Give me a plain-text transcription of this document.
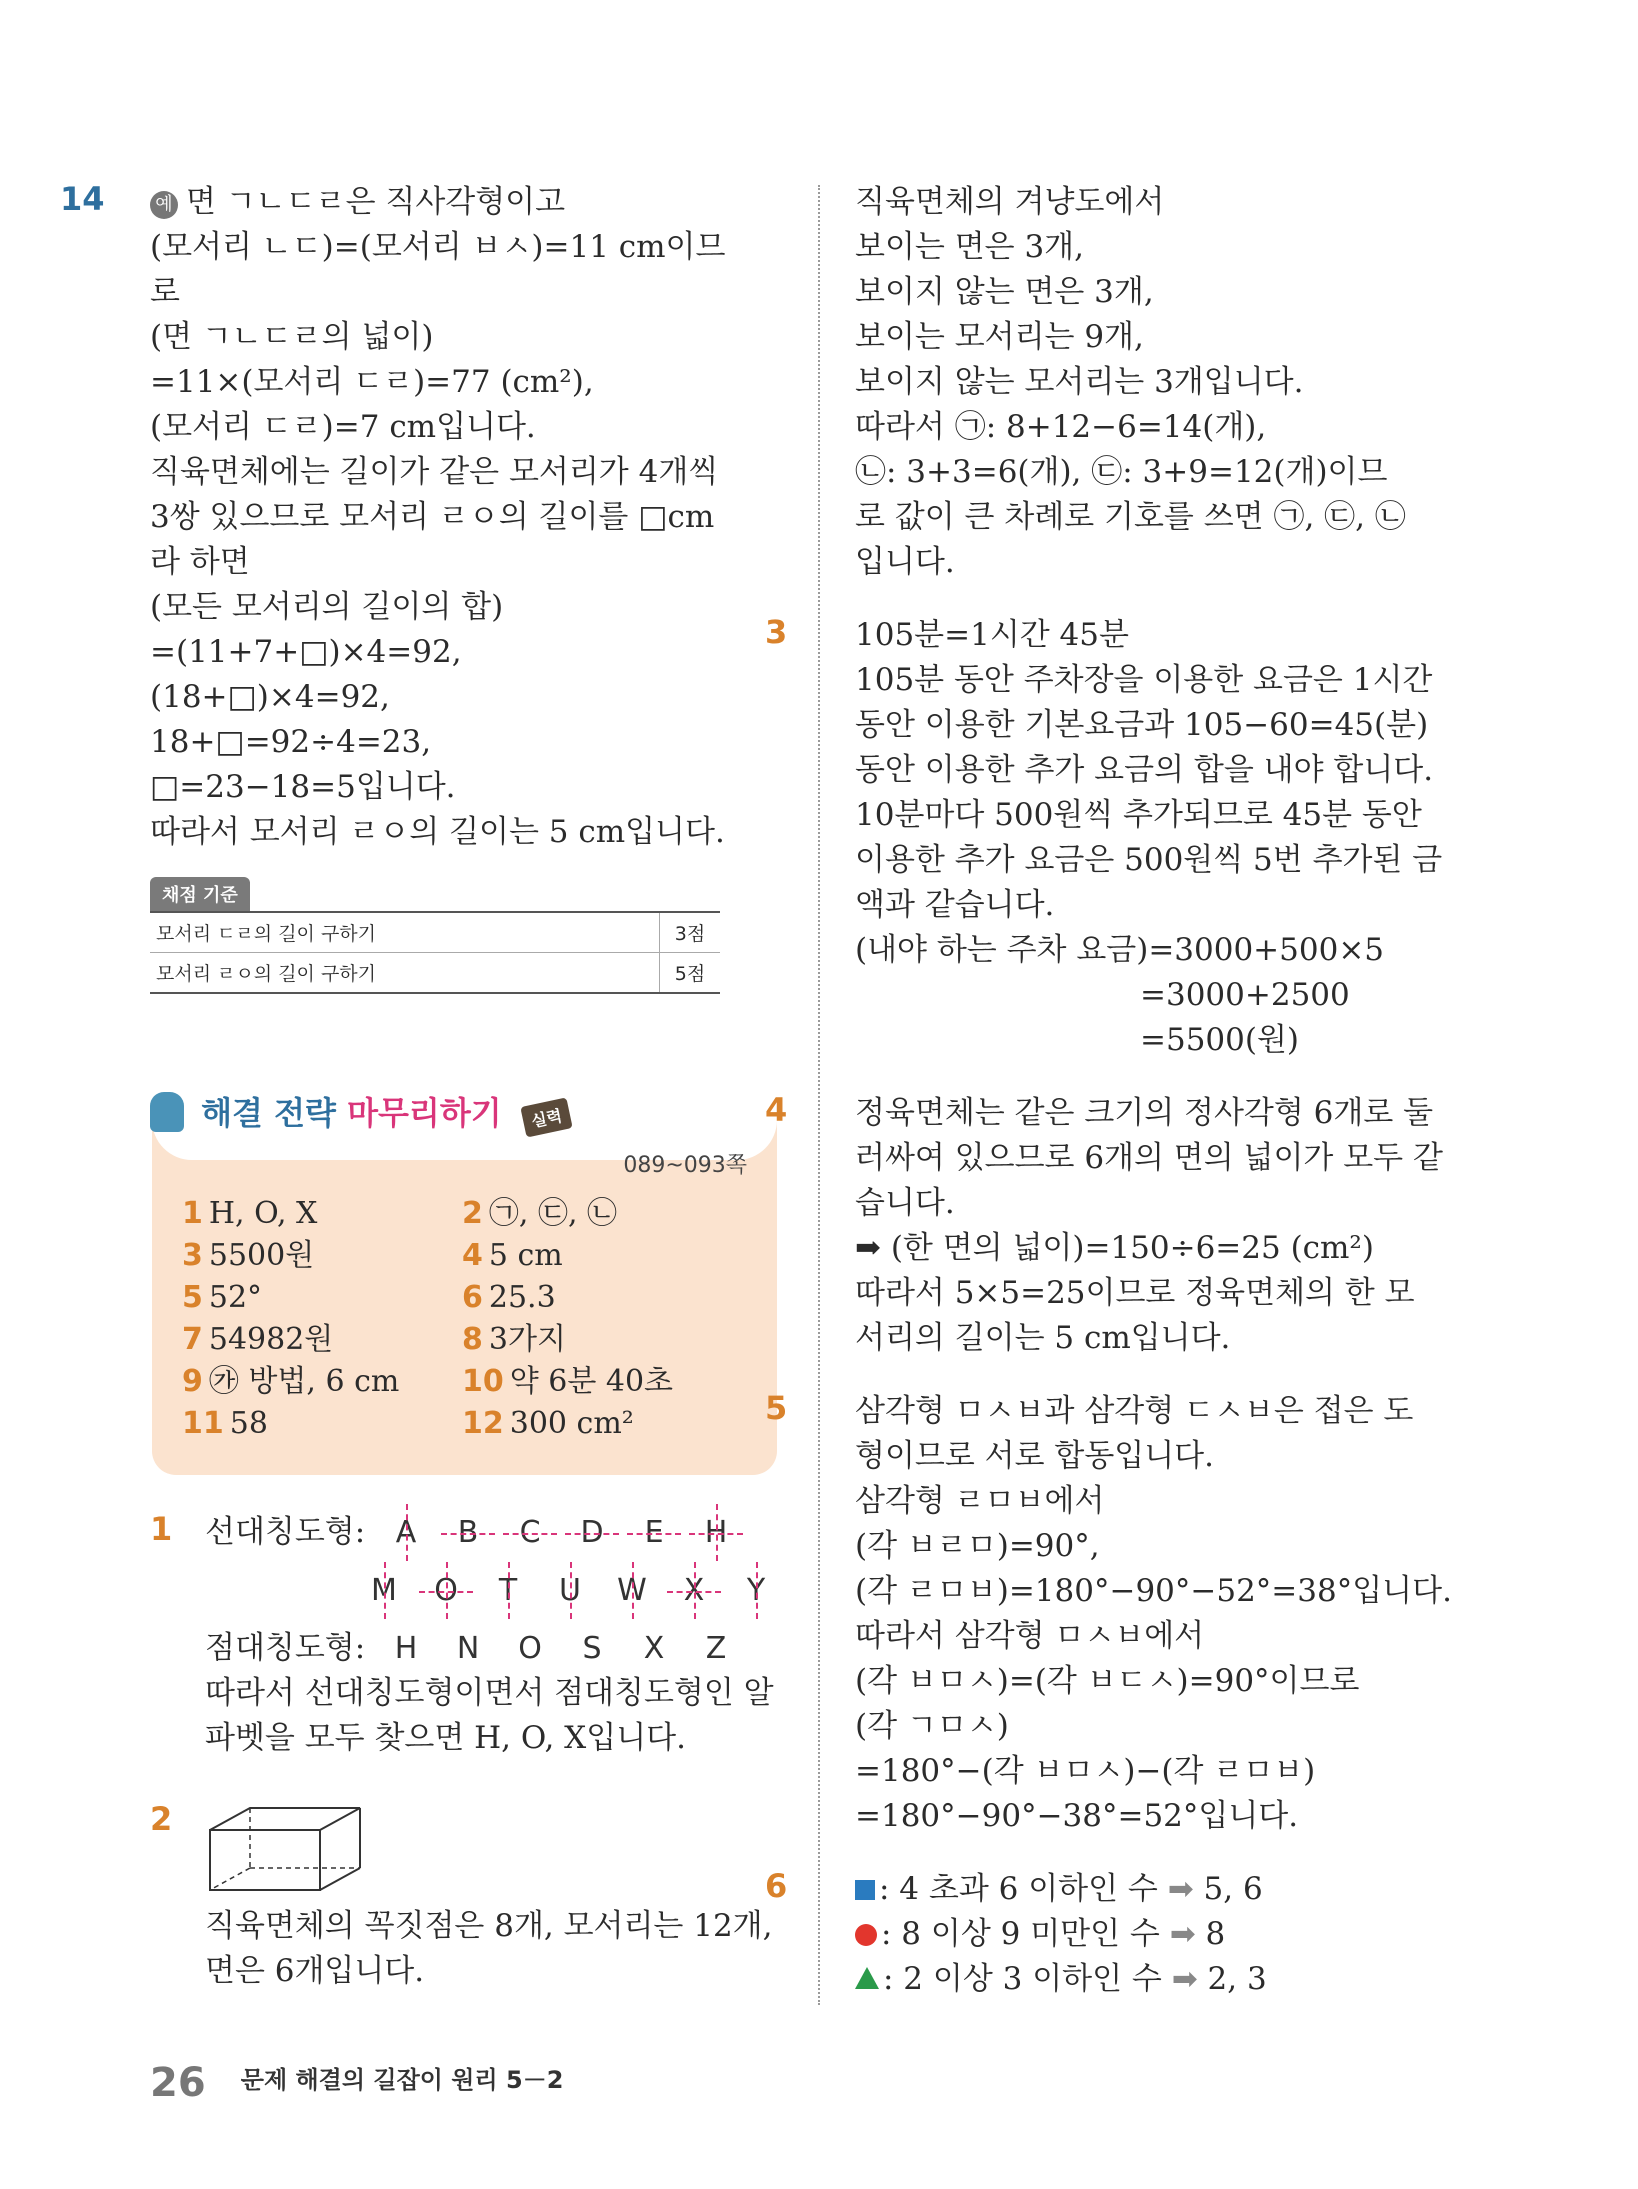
14	예 면 ㄱㄴㄷㄹ은 직사각형이고
(모서리 ㄴㄷ)=(모서리 ㅂㅅ)=11 cm이므
로
(면 ㄱㄴㄷㄹ의 넓이)
=11×(모서리 ㄷㄹ)=77 (cm²),
(모서리 ㄷㄹ)=7 cm입니다.
직육면체에는 길이가 같은 모서리가 4개씩
3쌍 있으므로 모서리 ㄹㅇ의 길이를 □cm
라 하면
(모든 모서리의 길이의 합)
=(11+7+□)×4=92,
(18+□)×4=92,
18+□=92÷4=23,
□=23−18=5입니다.
따라서 모서리 ㄹㅇ의 길이는 5 cm입니다.
채점 기준
모서리 ㄷㄹ의 길이 구하기	3점
모서리 ㄹㅇ의 길이 구하기	5점
089~093쪽
1 H, O, X	2 ㉠, ㉢, ㉡
3 5500원	4 5 cm
5 52°	6 25.3
7 54982원	8 3가지
9 ㉮ 방법, 6 cm	10 약 6분 40초
11 58	12 300 cm²
해결 전략 마무리하기 실력
1 선대칭도형: A B C D E H
M O T U W X Y
점대칭도형: H N O S X Z
따라서 선대칭도형이면서 점대칭도형인 알
파벳을 모두 찾으면 H, O, X입니다.
2
직육면체의 꼭짓점은 8개, 모서리는 12개,
면은 6개입니다.
직육면체의 겨냥도에서
보이는 면은 3개,
보이지 않는 면은 3개,
보이는 모서리는 9개,
보이지 않는 모서리는 3개입니다.
따라서 ㉠: 8+12−6=14(개),
㉡: 3+3=6(개), ㉢: 3+9=12(개)이므
로 값이 큰 차례로 기호를 쓰면 ㉠, ㉢, ㉡
입니다.
3 105분=1시간 45분
105분 동안 주차장을 이용한 요금은 1시간
동안 이용한 기본요금과 105−60=45(분)
동안 이용한 추가 요금의 합을 내야 합니다.
10분마다 500원씩 추가되므로 45분 동안
이용한 추가 요금은 500원씩 5번 추가된 금
액과 같습니다.
(내야 하는 주차 요금)=3000+500×5
=3000+2500
=5500(원)
4 정육면체는 같은 크기의 정사각형 6개로 둘
러싸여 있으므로 6개의 면의 넓이가 모두 같
습니다.
➡ (한 면의 넓이)=150÷6=25 (cm²)
따라서 5×5=25이므로 정육면체의 한 모
서리의 길이는 5 cm입니다.
5 삼각형 ㅁㅅㅂ과 삼각형 ㄷㅅㅂ은 접은 도
형이므로 서로 합동입니다.
삼각형 ㄹㅁㅂ에서
(각 ㅂㄹㅁ)=90°,
(각 ㄹㅁㅂ)=180°−90°−52°=38°입니다.
따라서 삼각형 ㅁㅅㅂ에서
(각 ㅂㅁㅅ)=(각 ㅂㄷㅅ)=90°이므로
(각 ㄱㅁㅅ)
=180°−(각 ㅂㅁㅅ)−(각 ㄹㅁㅂ)
=180°−90°−38°=52°입니다.
6	: 4 초과 6 이하인 수 ➡ 5, 6
: 8 이상 9 미만인 수 ➡ 8
: 2 이상 3 이하인 수 ➡ 2, 3
26 문제 해결의 길잡이 원리 5－2
